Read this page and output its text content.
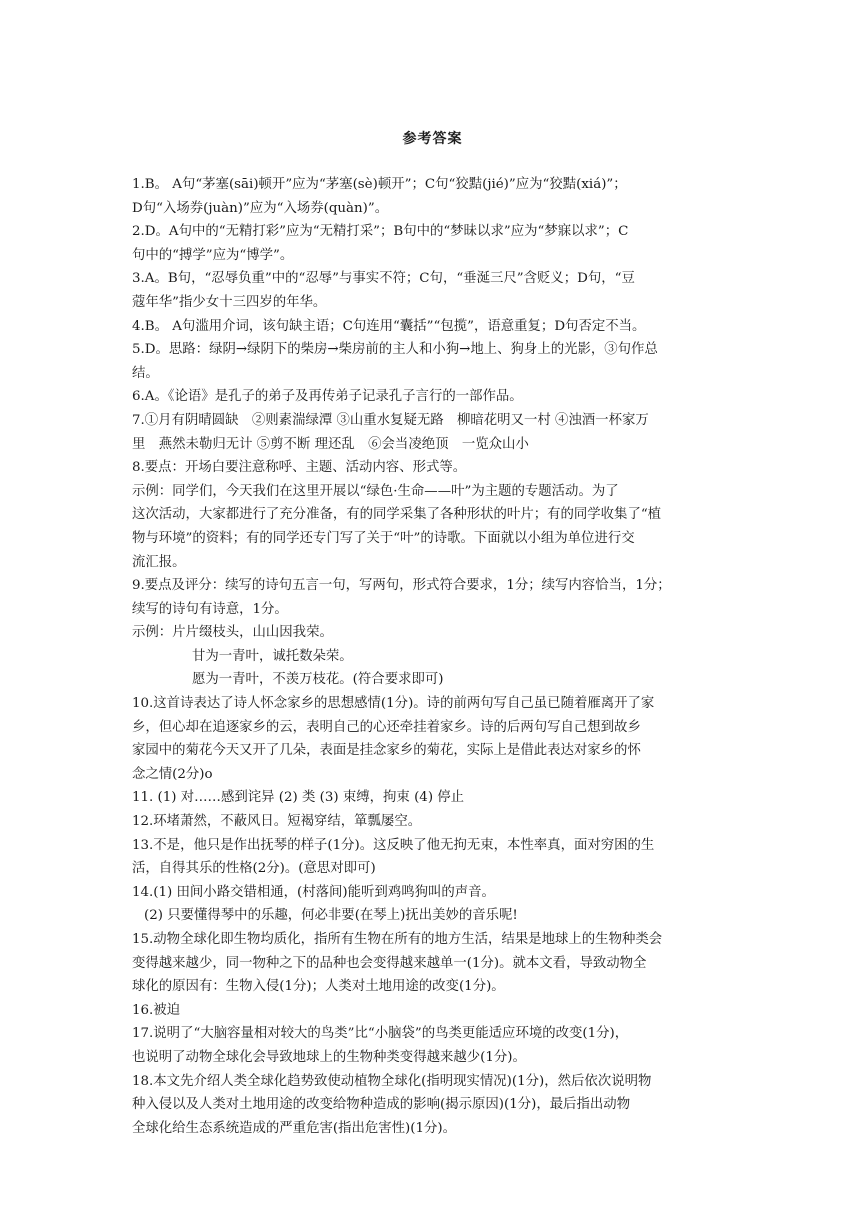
参考答案
1.B。 A句“茅塞(sāi)顿开”应为“茅塞(sè)顿开”；C句“狡黠(jié)”应为“狡黠(xiá)”；
D句“入场券(juàn)”应为“入场券(quàn)”。
2.D。A句中的“无精打彩”应为“无精打采”；B句中的“梦昧以求”应为“梦寐以求”；C
句中的“搏学”应为“博学”。
3.A。B句，“忍辱负重”中的“忍辱”与事实不符；C句，“垂涎三尺”含贬义；D句，“豆
蔻年华”指少女十三四岁的年华。
4.B。 A句滥用介词，该句缺主语；C句连用“囊括”“包揽”，语意重复；D句否定不当。
5.D。思路：绿阴→绿阴下的柴房→柴房前的主人和小狗→地上、狗身上的光影，③句作总
结。
6.A。《论语》是孔子的弟子及再传弟子记录孔子言行的一部作品。
7.①月有阴晴圆缺　②则素湍绿潭 ③山重水复疑无路　柳暗花明又一村 ④浊酒一杯家万
里　燕然未勒归无计 ⑤剪不断 理还乱　⑥会当凌绝顶　一览众山小
8.要点：开场白要注意称呼、主题、活动内容、形式等。
示例：同学们，今天我们在这里开展以“绿色·生命——叶”为主题的专题活动。为了
这次活动，大家都进行了充分准备，有的同学采集了各种形状的叶片；有的同学收集了“植
物与环境”的资料；有的同学还专门写了关于“叶”的诗歌。下面就以小组为单位进行交
流汇报。
9.要点及评分：续写的诗句五言一句，写两句，形式符合要求，1分；续写内容恰当，1分；
续写的诗句有诗意，1分。
示例：片片缀枝头，山山因我荣。
甘为一青叶，诚托数朵荣。
愿为一青叶，不羡万枝花。(符合要求即可)
10.这首诗表达了诗人怀念家乡的思想感情(1分)。诗的前两句写自己虽已随着雁离开了家
乡，但心却在追逐家乡的云，表明自己的心还牵挂着家乡。诗的后两句写自己想到故乡
家园中的菊花今天又开了几朵，表面是挂念家乡的菊花，实际上是借此表达对家乡的怀
念之情(2分)o
11. (1) 对……感到诧异 (2) 类 (3) 束缚，拘束 (4) 停止
12.环堵萧然，不蔽风日。短褐穿结，箪瓢屡空。
13.不是，他只是作出抚琴的样子(1分)。这反映了他无拘无束，本性率真，面对穷困的生
活，自得其乐的性格(2分)。(意思对即可)
14.(1) 田间小路交错相通，(村落间)能听到鸡鸣狗叫的声音。
(2) 只要懂得琴中的乐趣，何必非要(在琴上)抚出美妙的音乐呢!
15.动物全球化即生物均质化，指所有生物在所有的地方生活，结果是地球上的生物种类会
变得越来越少，同一物种之下的品种也会变得越来越单一(1分)。就本文看，导致动物全
球化的原因有：生物入侵(1分)；人类对土地用途的改变(1分)。
16.被迫
17.说明了“大脑容量相对较大的鸟类”比“小脑袋”的鸟类更能适应环境的改变(1分)，
也说明了动物全球化会导致地球上的生物种类变得越来越少(1分)。
18.本文先介绍人类全球化趋势致使动植物全球化(指明现实情况)(1分)，然后依次说明物
种入侵以及人类对土地用途的改变给物种造成的影响(揭示原因)(1分)，最后指出动物
全球化给生态系统造成的严重危害(指出危害性)(1分)。
